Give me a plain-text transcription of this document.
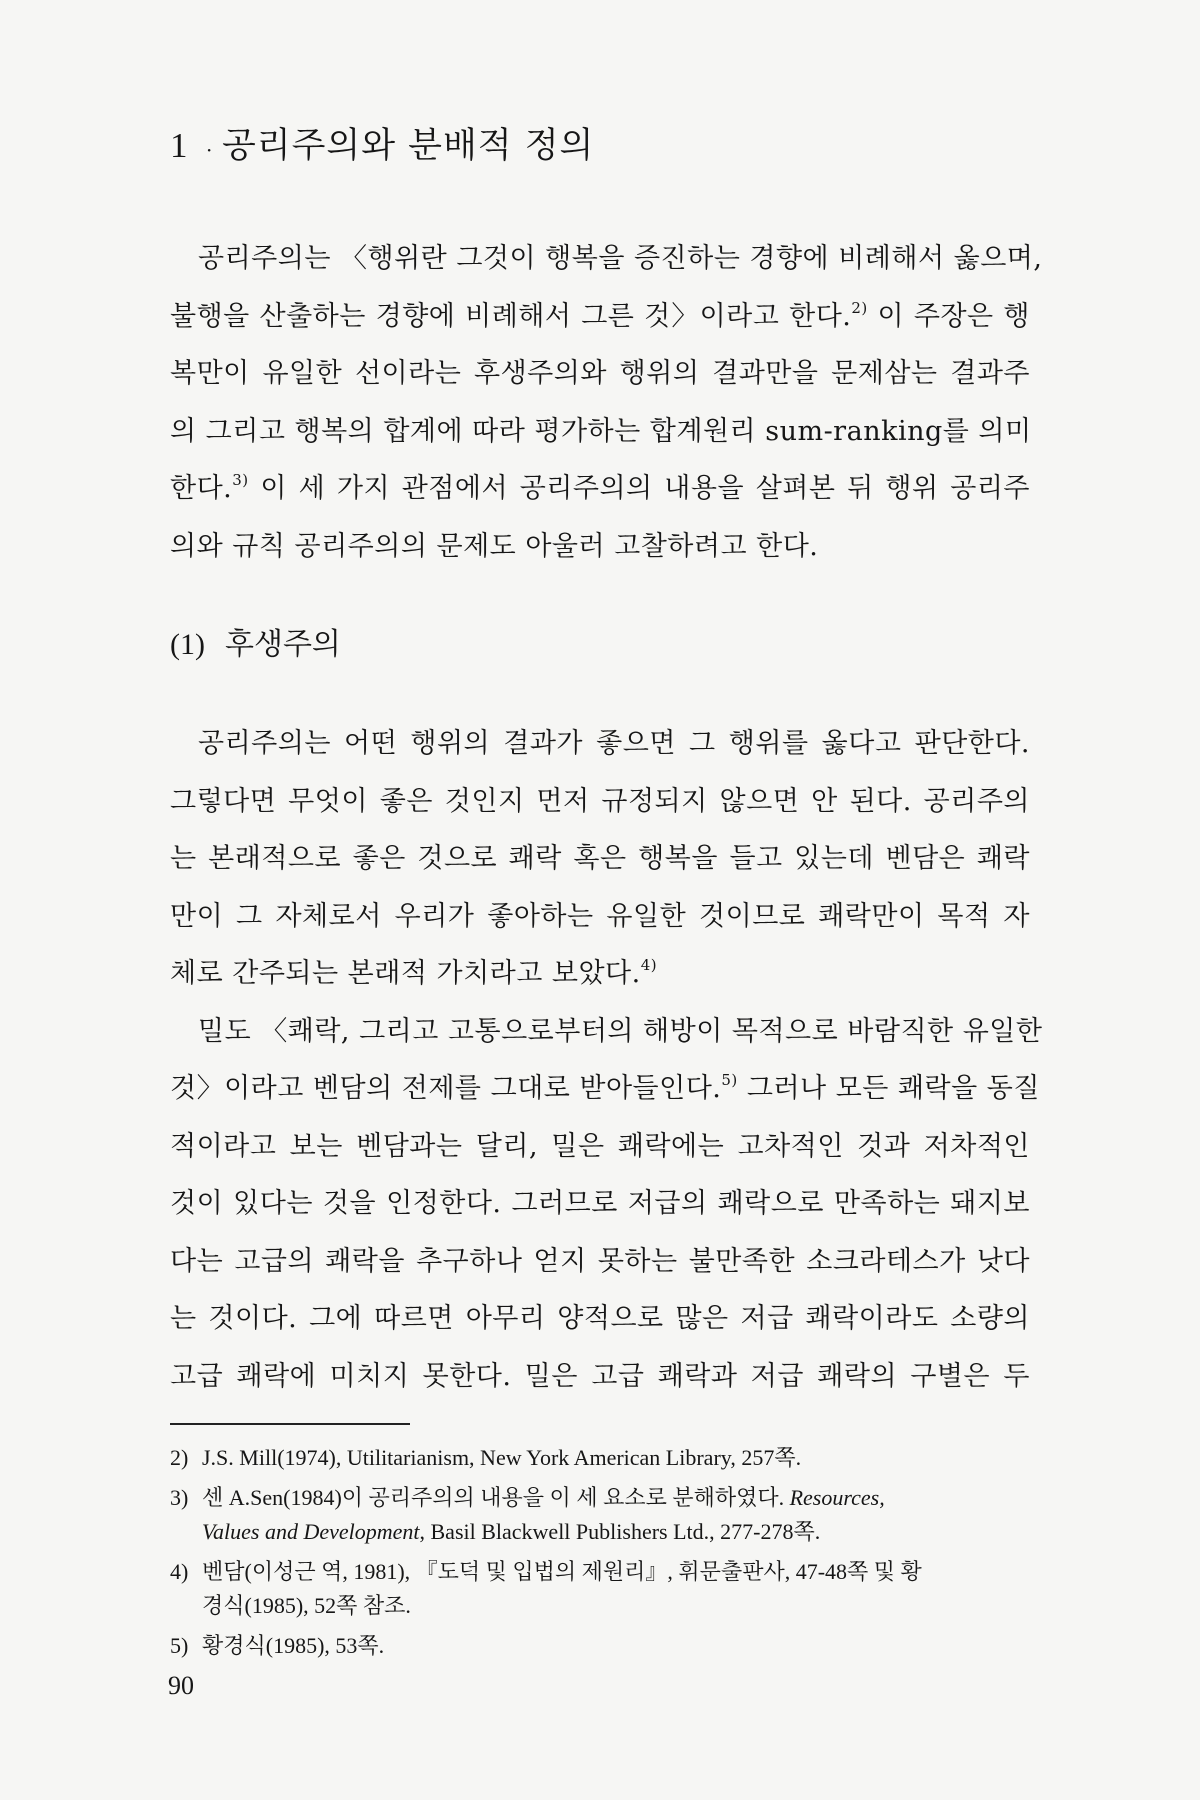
1 · 공리주의와 분배적 정의

공리주의는 〈행위란 그것이 행복을 증진하는 경향에 비례해서 옳으며,
불행을 산출하는 경향에 비례해서 그른 것〉이라고 한다.$^{2)}$ 이 주장은 행
복만이 유일한 선이라는 후생주의와 행위의 결과만을 문제삼는 결과주
의 그리고 행복의 합계에 따라 평가하는 합계원리 sum-ranking를 의미
한다.$^{3)}$ 이 세 가지 관점에서 공리주의의 내용을 살펴본 뒤 행위 공리주
의와 규칙 공리주의의 문제도 아울러 고찰하려고 한다.

(1) 후생주의

공리주의는 어떤 행위의 결과가 좋으면 그 행위를 옳다고 판단한다.
그렇다면 무엇이 좋은 것인지 먼저 규정되지 않으면 안 된다. 공리주의
는 본래적으로 좋은 것으로 쾌락 혹은 행복을 들고 있는데 벤담은 쾌락
만이 그 자체로서 우리가 좋아하는 유일한 것이므로 쾌락만이 목적 자
체로 간주되는 본래적 가치라고 보았다.$^{4)}$

밀도 〈쾌락, 그리고 고통으로부터의 해방이 목적으로 바람직한 유일한
것〉이라고 벤담의 전제를 그대로 받아들인다.$^{5)}$ 그러나 모든 쾌락을 동질
적이라고 보는 벤담과는 달리, 밀은 쾌락에는 고차적인 것과 저차적인
것이 있다는 것을 인정한다. 그러므로 저급의 쾌락으로 만족하는 돼지보
다는 고급의 쾌락을 추구하나 얻지 못하는 불만족한 소크라테스가 낫다
는 것이다. 그에 따르면 아무리 양적으로 많은 저급 쾌락이라도 소량의
고급 쾌락에 미치지 못한다. 밀은 고급 쾌락과 저급 쾌락의 구별은 두

2) J.S. Mill(1974), Utilitarianism, New York American Library, 257쪽.

3) 센 A.Sen(1984)이 공리주의의 내용을 이 세 요소로 분해하였다. Resources,
Values and Development, Basil Blackwell Publishers Ltd., 277-278쪽.

4) 벤담(이성근 역, 1981), 『도덕 및 입법의 제원리』, 휘문출판사, 47-48쪽 및 황
경식(1985), 52쪽 참조.

5) 황경식(1985), 53쪽.

90
